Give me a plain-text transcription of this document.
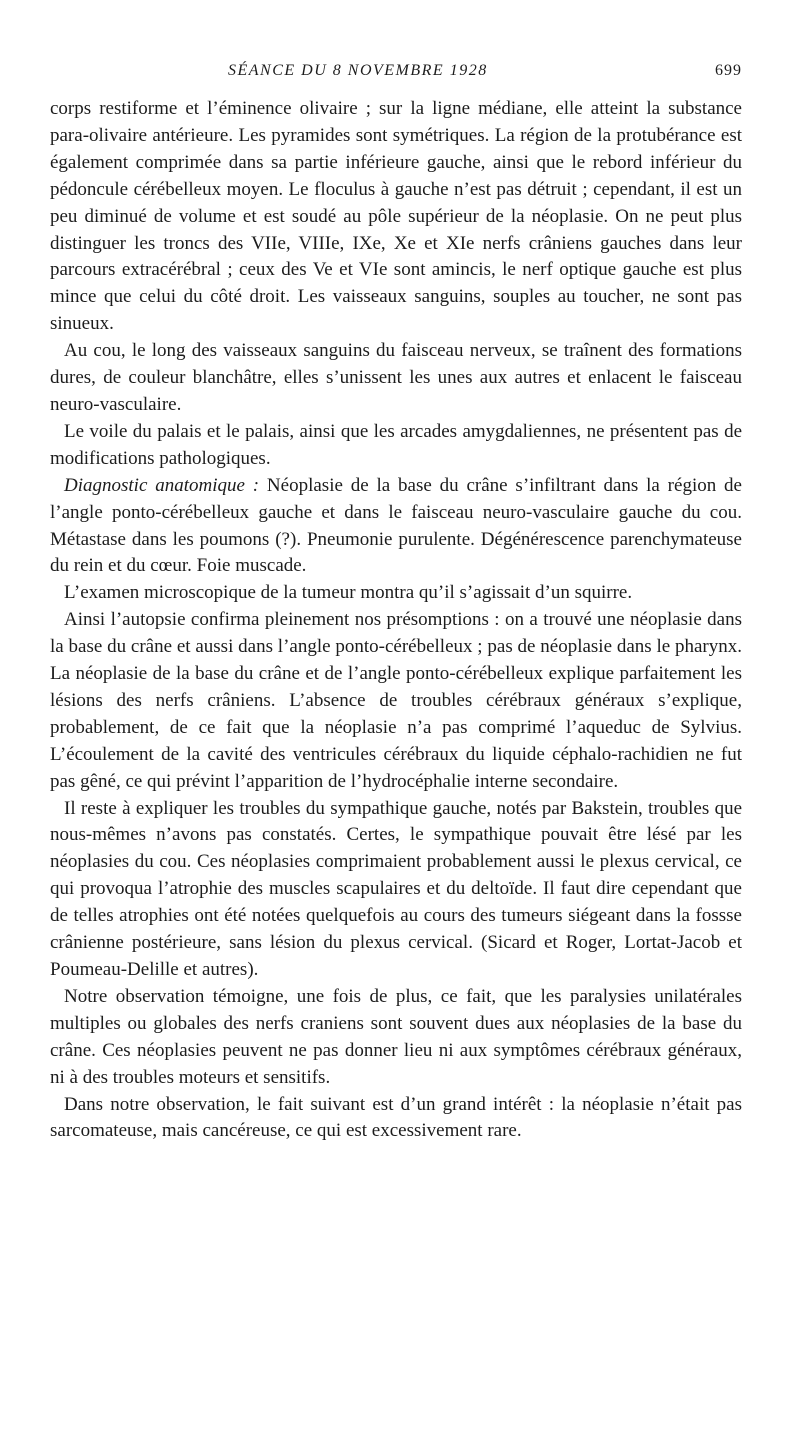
SÉANCE DU 8 NOVEMBRE 1928	699

corps restiforme et l’éminence olivaire ; sur la ligne médiane, elle atteint la substance para-olivaire antérieure. Les pyramides sont symétriques. La région de la protubérance est également comprimée dans sa partie inférieure gauche, ainsi que le rebord inférieur du pédoncule cérébelleux moyen. Le floculus à gauche n’est pas détruit ; cependant, il est un peu diminué de volume et est soudé au pôle supérieur de la néoplasie. On ne peut plus distinguer les troncs des VIIe, VIIIe, IXe, Xe et XIe nerfs crâniens gauches dans leur parcours extracérébral ; ceux des Ve et VIe sont amincis, le nerf optique gauche est plus mince que celui du côté droit. Les vaisseaux sanguins, souples au toucher, ne sont pas sinueux.

Au cou, le long des vaisseaux sanguins du faisceau nerveux, se traînent des formations dures, de couleur blanchâtre, elles s’unissent les unes aux autres et enlacent le faisceau neuro-vasculaire.

Le voile du palais et le palais, ainsi que les arcades amygdaliennes, ne présentent pas de modifications pathologiques.

Diagnostic anatomique : Néoplasie de la base du crâne s’infiltrant dans la région de l’angle ponto-cérébelleux gauche et dans le faisceau neuro-vasculaire gauche du cou. Métastase dans les poumons (?). Pneumonie purulente. Dégénérescence parenchymateuse du rein et du cœur. Foie muscade.

L’examen microscopique de la tumeur montra qu’il s’agissait d’un squirre.

Ainsi l’autopsie confirma pleinement nos présomptions : on a trouvé une néoplasie dans la base du crâne et aussi dans l’angle ponto-cérébelleux ; pas de néoplasie dans le pharynx. La néoplasie de la base du crâne et de l’angle ponto-cérébelleux explique parfaitement les lésions des nerfs crâniens. L’absence de troubles cérébraux généraux s’explique, probablement, de ce fait que la néoplasie n’a pas comprimé l’aqueduc de Sylvius. L’écoulement de la cavité des ventricules cérébraux du liquide céphalo-rachidien ne fut pas gêné, ce qui prévint l’apparition de l’hydrocéphalie interne secondaire.

Il reste à expliquer les troubles du sympathique gauche, notés par Bakstein, troubles que nous-mêmes n’avons pas constatés. Certes, le sympathique pouvait être lésé par les néoplasies du cou. Ces néoplasies comprimaient probablement aussi le plexus cervical, ce qui provoqua l’atrophie des muscles scapulaires et du deltoïde. Il faut dire cependant que de telles atrophies ont été notées quelquefois au cours des tumeurs siégeant dans la fossse crânienne postérieure, sans lésion du plexus cervical. (Sicard et Roger, Lortat-Jacob et Poumeau-Delille et autres).

Notre observation témoigne, une fois de plus, ce fait, que les paralysies unilatérales multiples ou globales des nerfs craniens sont souvent dues aux néoplasies de la base du crâne. Ces néoplasies peuvent ne pas donner lieu ni aux symptômes cérébraux généraux, ni à des troubles moteurs et sensitifs.

Dans notre observation, le fait suivant est d’un grand intérêt : la néoplasie n’était pas sarcomateuse, mais cancéreuse, ce qui est excessivement rare.
